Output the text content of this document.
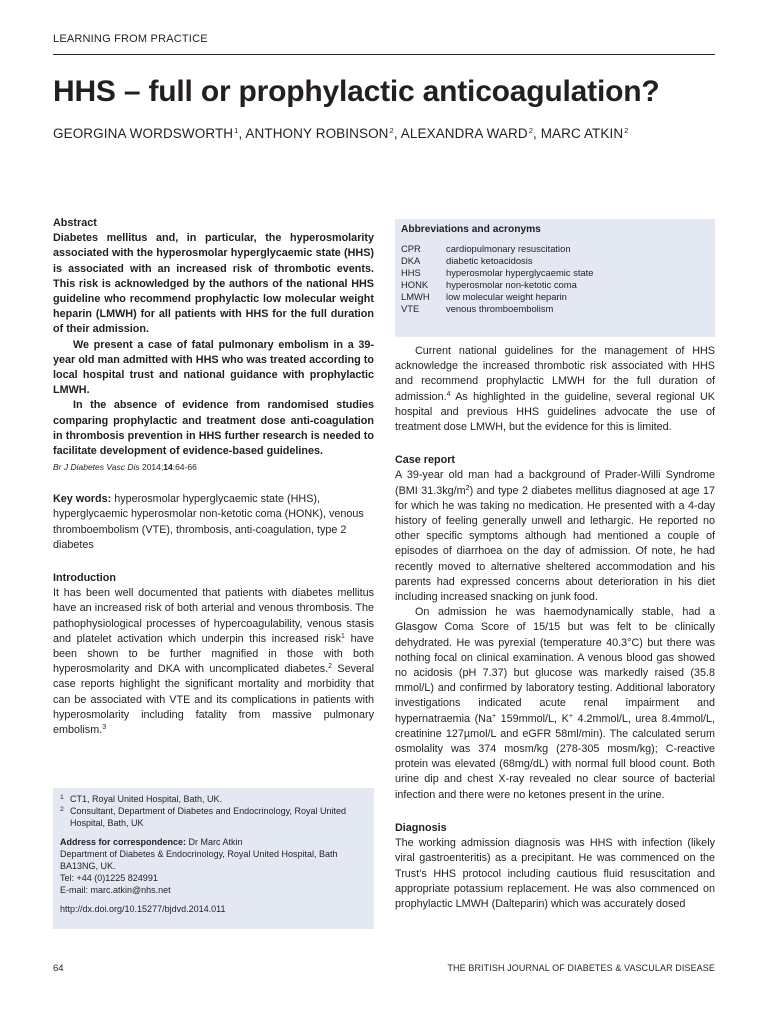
LEARNING FROM PRACTICE
HHS – full or prophylactic anticoagulation?
GEORGINA WORDSWORTH$^1$, ANTHONY ROBINSON$^2$, ALEXANDRA WARD$^2$, MARC ATKIN$^2$
Abstract

Diabetes mellitus and, in particular, the hyperosmolarity associated with the hyperosmolar hyperglycaemic state (HHS) is associated with an increased risk of thrombotic events. This risk is acknowledged by the authors of the national HHS guideline who recommend prophylactic low molecular weight heparin (LMWH) for all patients with HHS for the full duration of their admission.

We present a case of fatal pulmonary embolism in a 39-year old man admitted with HHS who was treated according to local hospital trust and national guidance with prophylactic LMWH.

In the absence of evidence from randomised studies comparing prophylactic and treatment dose anti-coagulation in thrombosis prevention in HHS further research is needed to facilitate development of evidence-based guidelines.

Br J Diabetes Vasc Dis 2014;14:64-66
Key words: hyperosmolar hyperglycaemic state (HHS), hyperglycaemic hyperosmolar non-ketotic coma (HONK), venous thromboembolism (VTE), thrombosis, anti-coagulation, type 2 diabetes
Introduction

It has been well documented that patients with diabetes mellitus have an increased risk of both arterial and venous thrombosis. The pathophysiological processes of hypercoagulability, venous stasis and platelet activation which underpin this increased risk$^1$ have been shown to be further magnified in those with both hyperosmolarity and DKA with uncomplicated diabetes.$^2$ Several case reports highlight the significant mortality and morbidity that can be associated with VTE and its complications in patients with hyperosmolarity including fatality from massive pulmonary embolism.$^3$

1 CT1, Royal United Hospital, Bath, UK.
2 Consultant, Department of Diabetes and Endocrinology, Royal United Hospital, Bath, UK
Address for correspondence: Dr Marc Atkin
Department of Diabetes & Endocrinology, Royal United Hospital, Bath
BA13NG, UK.
Tel: +44 (0)1225 824991
E-mail: marc.atkin@nhs.net
http://dx.doi.org/10.15277/bjdvd.2014.011
Abbreviations and acronyms
CPR	cardiopulmonary resuscitation
DKA	diabetic ketoacidosis
HHS	hyperosmolar hyperglycaemic state
HONK	hyperosmolar non-ketotic coma
LMWH	low molecular weight heparin
VTE	venous thromboembolism

Current national guidelines for the management of HHS acknowledge the increased thrombotic risk associated with HHS and recommend prophylactic LMWH for the full duration of admission.$^4$ As highlighted in the guideline, several regional UK hospital and previous HHS guidelines advocate the use of treatment dose LMWH, but the evidence for this is limited.

Case report

A 39-year old man had a background of Prader-Willi Syndrome (BMI 31.3kg/m$^2$) and type 2 diabetes mellitus diagnosed at age 17 for which he was taking no medication. He presented with a 4-day history of feeling generally unwell and lethargic. He reported no other specific symptoms although had mentioned a couple of episodes of diarrhoea on the day of admission. Of note, he had recently moved to alternative sheltered accommodation and his parents had expressed concerns about deterioration in his diet including increased snacking on junk food.

On admission he was haemodynamically stable, had a Glasgow Coma Score of 15/15 but was felt to be clinically dehydrated. He was pyrexial (temperature 40.3°C) but there was nothing focal on clinical examination. A venous blood gas showed no acidosis (pH 7.37) but glucose was markedly raised (35.8 mmol/L) and confirmed by laboratory testing. Additional laboratory investigations indicated acute renal impairment and hypernatraemia (Na+ 159mmol/L, K+ 4.2mmol/L, urea 8.4mmol/L, creatinine 127µmol/L and eGFR 58ml/min). The calculated serum osmolality was 374 mosm/kg (278-305 mosm/kg); C-reactive protein was elevated (68mg/dL) with normal full blood count. Both urine dip and chest X-ray revealed no clear source of bacterial infection and there were no ketones present in the urine.

Diagnosis

The working admission diagnosis was HHS with infection (likely viral gastroenteritis) as a precipitant. He was commenced on the Trust’s HHS protocol including cautious fluid resuscitation and appropriate potassium replacement. He was also commenced on prophylactic LMWH (Dalteparin) which was accurately dosed

64	THE BRITISH JOURNAL OF DIABETES & VASCULAR DISEASE
